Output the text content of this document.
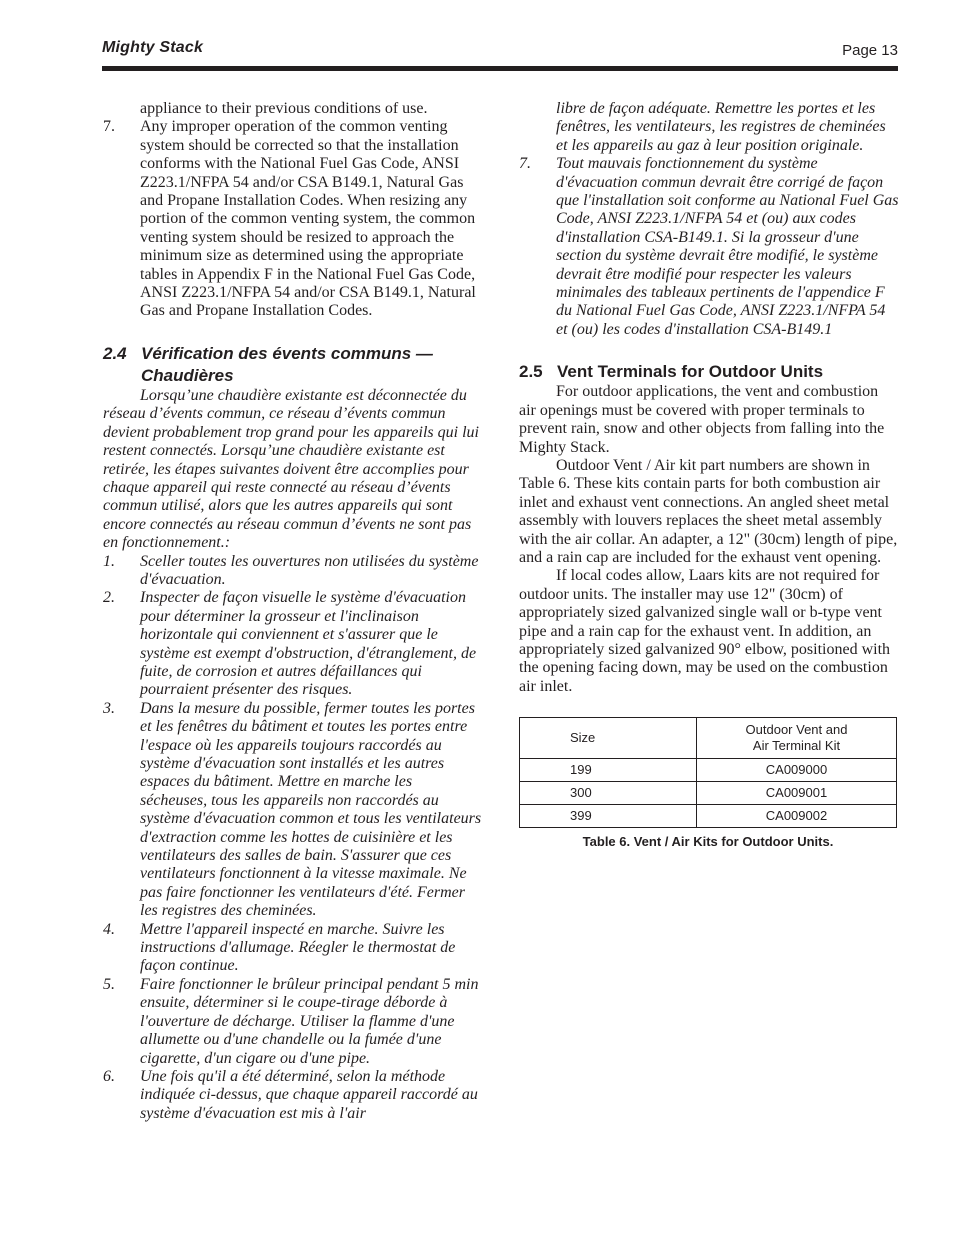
Mighty Stack	Page 13

appliance to their previous conditions of use.

7. Any improper operation of the common venting system should be corrected so that the installation conforms with the National Fuel Gas Code, ANSI Z223.1/NFPA 54 and/or CSA B149.1, Natural Gas and Propane Installation Codes. When resizing any portion of the common venting system, the common venting system should be resized to approach the minimum size as determined using the appropriate tables in Appendix F in the National Fuel Gas Code, ANSI Z223.1/NFPA 54 and/or CSA B149.1, Natural Gas and Propane Installation Codes.
2.4 Vérification des évents communs —
Chaudières

Lorsqu’une chaudière existante est déconnectée du réseau d’évents commun, ce réseau d’évents commun devient probablement trop grand pour les appareils qui lui restent connectés. Lorsqu’une chaudière existante est retirée, les étapes suivantes doivent être accomplies pour chaque appareil qui reste connecté au réseau d’évents commun utilisé, alors que les autres appareils qui sont encore connectés au réseau commun d’évents ne sont pas en fonctionnement.:

1. Sceller toutes les ouvertures non utilisées du système d'évacuation.
2. Inspecter de façon visuelle le système d'évacuation pour déterminer la grosseur et l'inclinaison horizontale qui conviennent et s'assurer que le système est exempt d'obstruction, d'étranglement, de fuite, de corrosion et autres défaillances qui pourraient présenter des risques.
3. Dans la mesure du possible, fermer toutes les portes et les fenêtres du bâtiment et toutes les portes entre l'espace où les appareils toujours raccordés au système d'évacuation sont installés et les autres espaces du bâtiment. Mettre en marche les sécheuses, tous les appareils non raccordés au système d'évacuation common et tous les ventilateurs d'extraction comme les hottes de cuisinière et les ventilateurs des salles de bain. S'assurer que ces ventilateurs fonctionnent à la vitesse maximale. Ne pas faire fonctionner les ventilateurs d'été. Fermer les registres des cheminées.
4. Mettre l'appareil inspecté en marche. Suivre les instructions d'allumage. Réegler le thermostat de façon continue.
5. Faire fonctionner le brûleur principal pendant 5 min ensuite, déterminer si le coupe-tirage déborde à l'ouverture de décharge. Utiliser la flamme d'une allumette ou d'une chandelle ou la fumée d'une cigarette, d'un cigare ou d'une pipe.
6. Une fois qu'il a été déterminé, selon la méthode indiquée ci-dessus, que chaque appareil raccordé au système d'évacuation est mis à l'air

libre de façon adéquate. Remettre les portes et les fenêtres, les ventilateurs, les registres de cheminées et les appareils au gaz à leur position originale.

7. Tout mauvais fonctionnement du système d'évacuation commun devrait être corrigé de façon que l'installation soit conforme au National Fuel Gas Code, ANSI Z223.1/NFPA 54 et (ou) aux codes d'installation CSA-B149.1. Si la grosseur d'une section du système devrait être modifié, le système devrait être modifié pour respecter les valeurs minimales des tableaux pertinents de l'appendice F du National Fuel Gas Code, ANSI Z223.1/NFPA 54 et (ou) les codes d'installation CSA-B149.1
2.5 Vent Terminals for Outdoor Units

For outdoor applications, the vent and combustion air openings must be covered with proper terminals to prevent rain, snow and other objects from falling into the Mighty Stack.

Outdoor Vent / Air kit part numbers are shown in Table 6. These kits contain parts for both combustion air inlet and exhaust vent connections. An angled sheet metal assembly with louvers replaces the sheet metal assembly with the air collar. An adapter, a 12" (30cm) length of pipe, and a rain cap are included for the exhaust vent opening.

If local codes allow, Laars kits are not required for outdoor units. The installer may use 12" (30cm) of appropriately sized galvanized single wall or b-type vent pipe and a rain cap for the exhaust vent. In addition, an appropriately sized galvanized 90° elbow, positioned with the opening facing down, may be used on the combustion air inlet.

Size	Outdoor Vent and
Air Terminal Kit

199	CA009000
300	CA009001
399	CA009002
Table 6. Vent / Air Kits for Outdoor Units.
